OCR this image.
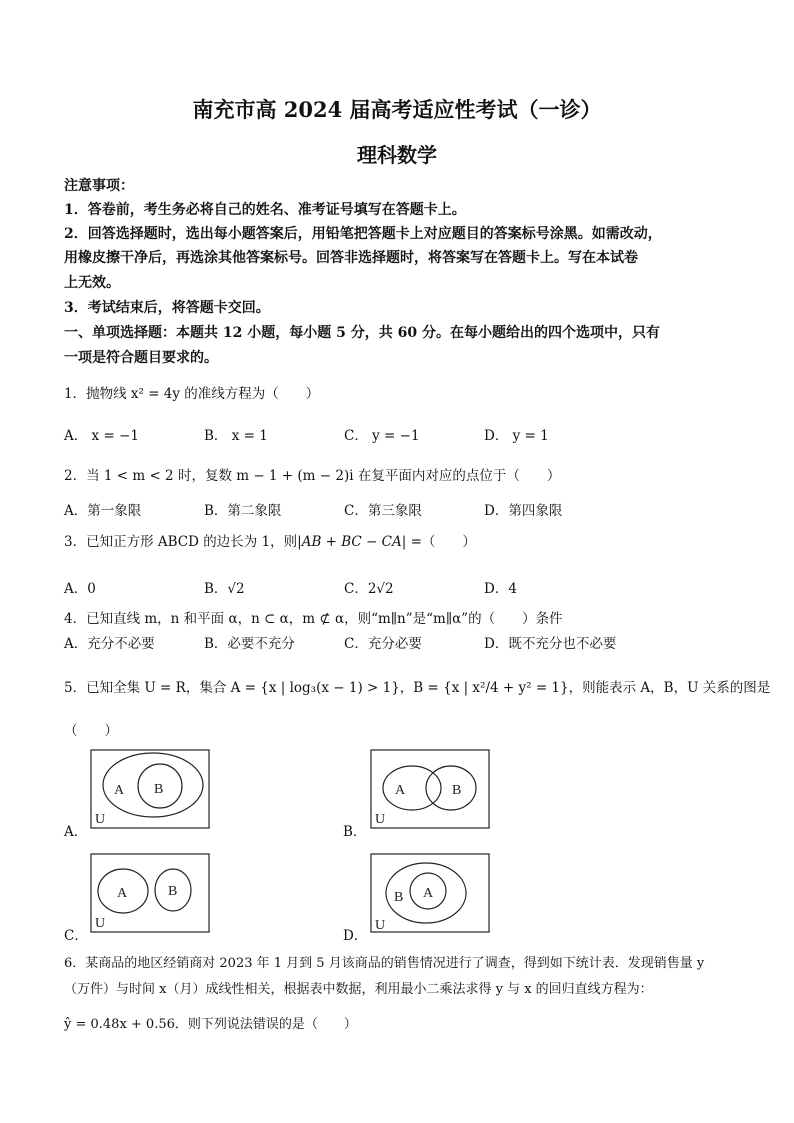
南充市高 2024 届高考适应性考试（一诊）
理科数学
注意事项：
1．答卷前，考生务必将自己的姓名、准考证号填写在答题卡上。
2．回答选择题时，选出每小题答案后，用铅笔把答题卡上对应题目的答案标号涂黑。如需改动，
用橡皮擦干净后，再选涂其他答案标号。回答非选择题时，将答案写在答题卡上。写在本试卷
上无效。
3．考试结束后，将答题卡交回。
一、单项选择题：本题共 12 小题，每小题 5 分，共 60 分。在每小题给出的四个选项中，只有
一项是符合题目要求的。
1．抛物线 x² = 4y 的准线方程为（　　）
A． x = −1	B． x = 1	C． y = −1	D． y = 1
2．当 1 < m < 2 时，复数 m − 1 + (m − 2)i 在复平面内对应的点位于（　　）
A．第一象限	B．第二象限	C．第三象限	D．第四象限
3．已知正方形 ABCD 的边长为 1，则|AB + BC − CA| =（　　）
A．0	B．√2	C．2√2	D．4
4．已知直线 m，n 和平面 α，n ⊂ α，m ⊄ α，则“m∥n”是“m∥α”的（　　）条件
A．充分不必要	B．必要不充分	C．充分必要	D．既不充分也不必要
5．已知全集 U = R，集合 A = {x | log₃(x − 1) > 1}，B = {x | x²/4 + y² = 1}，则能表示 A，B，U 关系的图是
（　　）
A．
A B
U
B．
A	B
U
C．
A	B
U
D．
B A
U
6．某商品的地区经销商对 2023 年 1 月到 5 月该商品的销售情况进行了调查，得到如下统计表．发现销售量 y
（万件）与时间 x（月）成线性相关，根据表中数据，利用最小二乘法求得 y 与 x 的回归直线方程为：
ŷ = 0.48x + 0.56．则下列说法错误的是（　　）
